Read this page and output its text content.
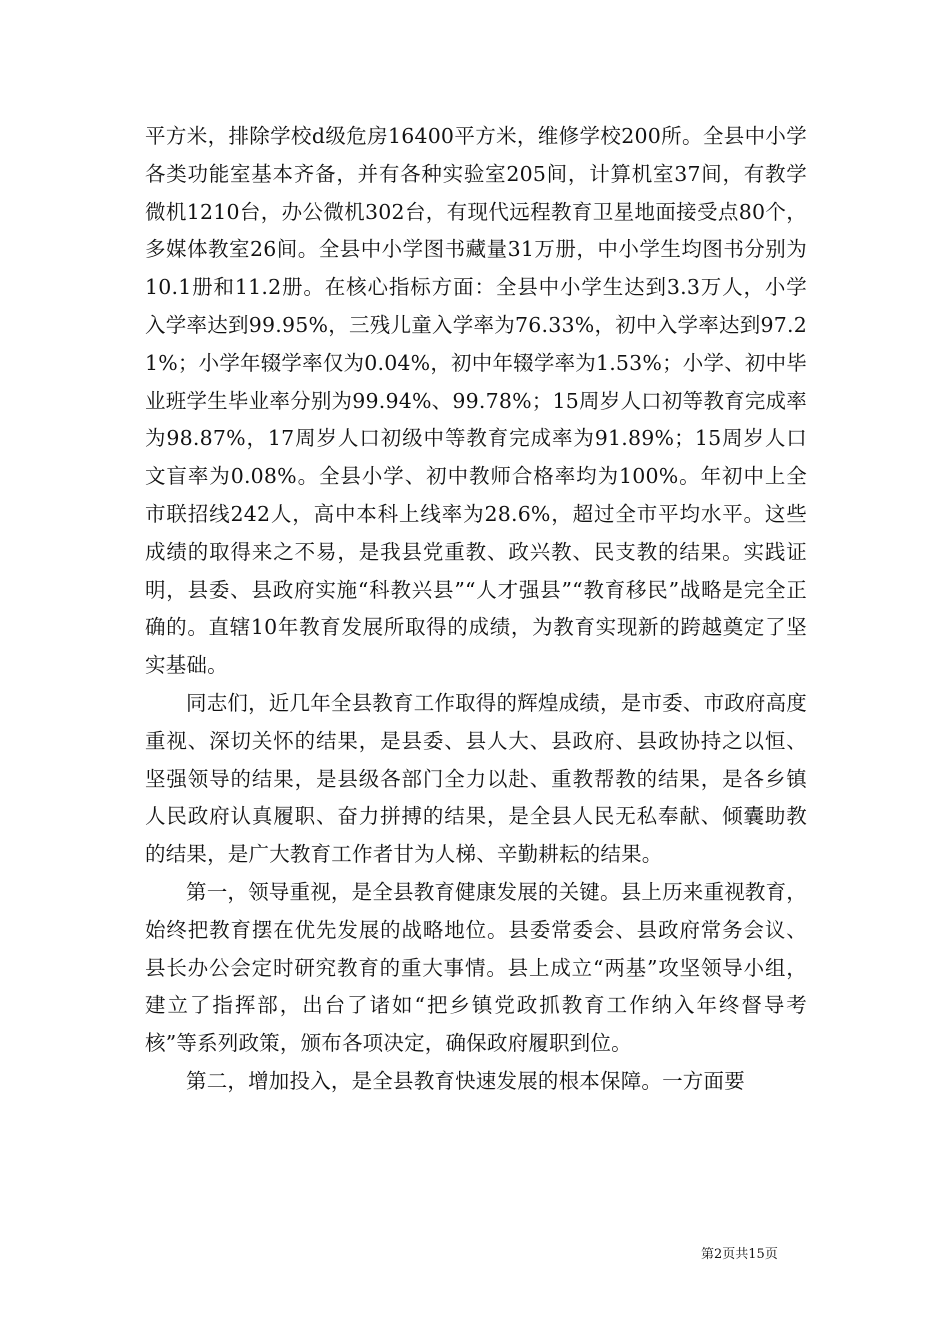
平方米，排除学校d级危房16400平方米，维修学校200所。全县中小学各类功能室基本齐备，并有各种实验室205间，计算机室37间，有教学微机1210台，办公微机302台，有现代远程教育卫星地面接受点80个，多媒体教室26间。全县中小学图书藏量31万册，中小学生均图书分别为10.1册和11.2册。在核心指标方面：全县中小学生达到3.3万人，小学入学率达到99.95%，三残儿童入学率为76.33%，初中入学率达到97.21%；小学年辍学率仅为0.04%，初中年辍学率为1.53%；小学、初中毕业班学生毕业率分别为99.94%、99.78%；15周岁人口初等教育完成率为98.87%，17周岁人口初级中等教育完成率为91.89%；15周岁人口文盲率为0.08%。全县小学、初中教师合格率均为100%。年初中上全市联招线242人，高中本科上线率为28.6%，超过全市平均水平。这些成绩的取得来之不易，是我县党重教、政兴教、民支教的结果。实践证明，县委、县政府实施“科教兴县”“人才强县”“教育移民”战略是完全正确的。直辖10年教育发展所取得的成绩，为教育实现新的跨越奠定了坚实基础。

同志们，近几年全县教育工作取得的辉煌成绩，是市委、市政府高度重视、深切关怀的结果，是县委、县人大、县政府、县政协持之以恒、坚强领导的结果，是县级各部门全力以赴、重教帮教的结果，是各乡镇人民政府认真履职、奋力拼搏的结果，是全县人民无私奉献、倾囊助教的结果，是广大教育工作者甘为人梯、辛勤耕耘的结果。

第一，领导重视，是全县教育健康发展的关键。县上历来重视教育，始终把教育摆在优先发展的战略地位。县委常委会、县政府常务会议、县长办公会定时研究教育的重大事情。县上成立“两基”攻坚领导小组，建立了指挥部，出台了诸如“把乡镇党政抓教育工作纳入年终督导考核”等系列政策，颁布各项决定，确保政府履职到位。

第二，增加投入，是全县教育快速发展的根本保障。一方面要

第2页共15页
